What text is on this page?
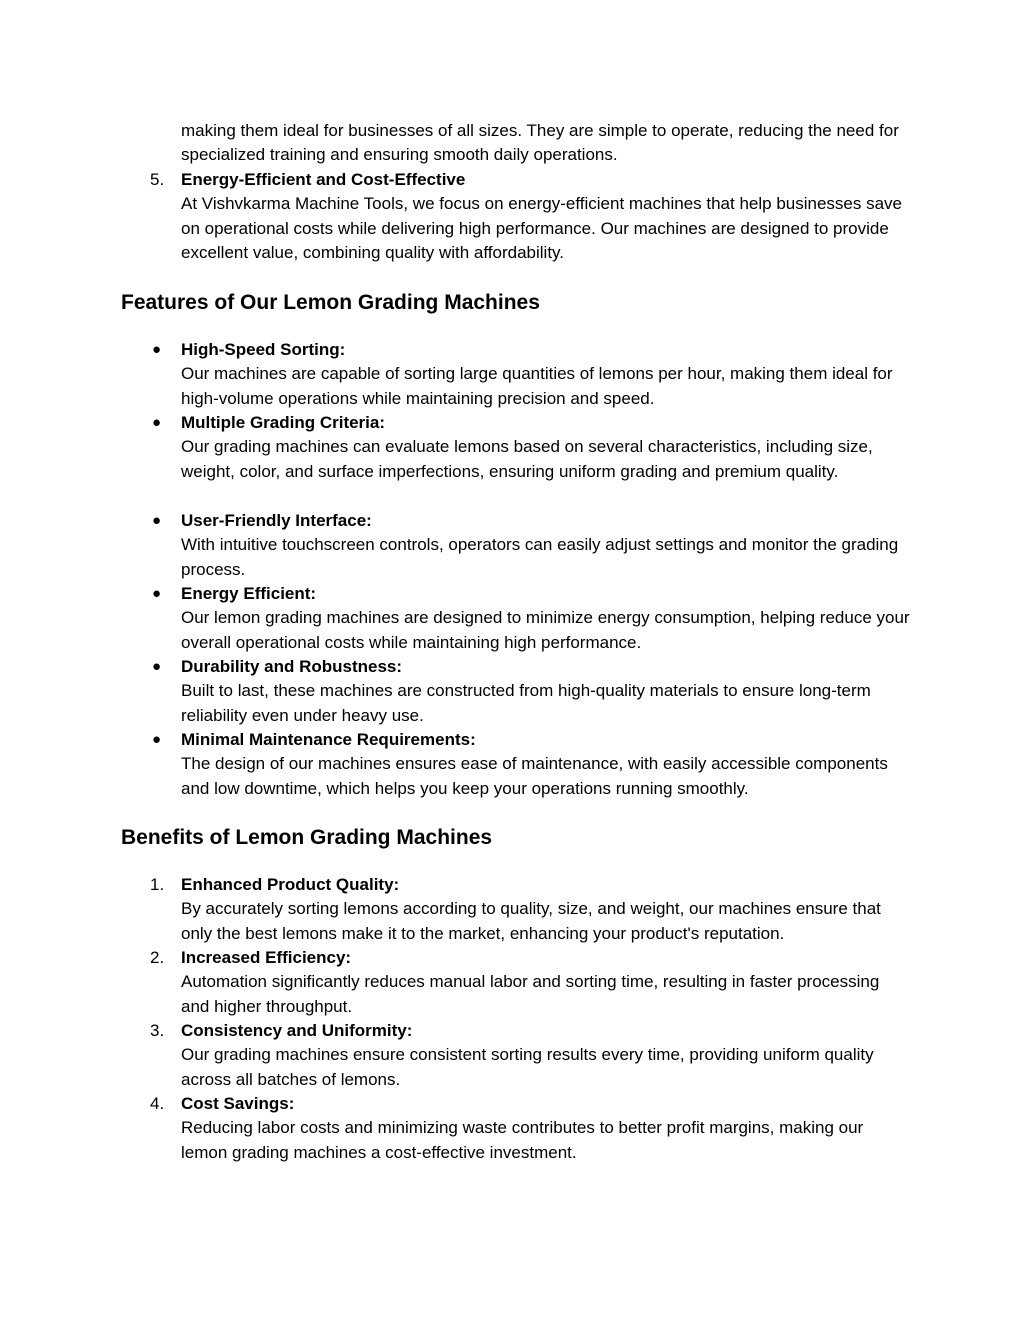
making them ideal for businesses of all sizes. They are simple to operate, reducing the need for specialized training and ensuring smooth daily operations.
5. Energy-Efficient and Cost-Effective
At Vishvkarma Machine Tools, we focus on energy-efficient machines that help businesses save on operational costs while delivering high performance. Our machines are designed to provide excellent value, combining quality with affordability.
Features of Our Lemon Grading Machines
●	High-Speed Sorting:
Our machines are capable of sorting large quantities of lemons per hour, making them ideal for high-volume operations while maintaining precision and speed.
●	Multiple Grading Criteria:
Our grading machines can evaluate lemons based on several characteristics, including size, weight, color, and surface imperfections, ensuring uniform grading and premium quality.
●	User-Friendly Interface:
With intuitive touchscreen controls, operators can easily adjust settings and monitor the grading process.
●	Energy Efficient:
Our lemon grading machines are designed to minimize energy consumption, helping reduce your overall operational costs while maintaining high performance.
●	Durability and Robustness:
Built to last, these machines are constructed from high-quality materials to ensure long-term reliability even under heavy use.
●	Minimal Maintenance Requirements:
The design of our machines ensures ease of maintenance, with easily accessible components and low downtime, which helps you keep your operations running smoothly.
Benefits of Lemon Grading Machines
1. Enhanced Product Quality:
By accurately sorting lemons according to quality, size, and weight, our machines ensure that only the best lemons make it to the market, enhancing your product's reputation.
2. Increased Efficiency:
Automation significantly reduces manual labor and sorting time, resulting in faster processing and higher throughput.
3. Consistency and Uniformity:
Our grading machines ensure consistent sorting results every time, providing uniform quality across all batches of lemons.
4. Cost Savings:
Reducing labor costs and minimizing waste contributes to better profit margins, making our lemon grading machines a cost-effective investment.
